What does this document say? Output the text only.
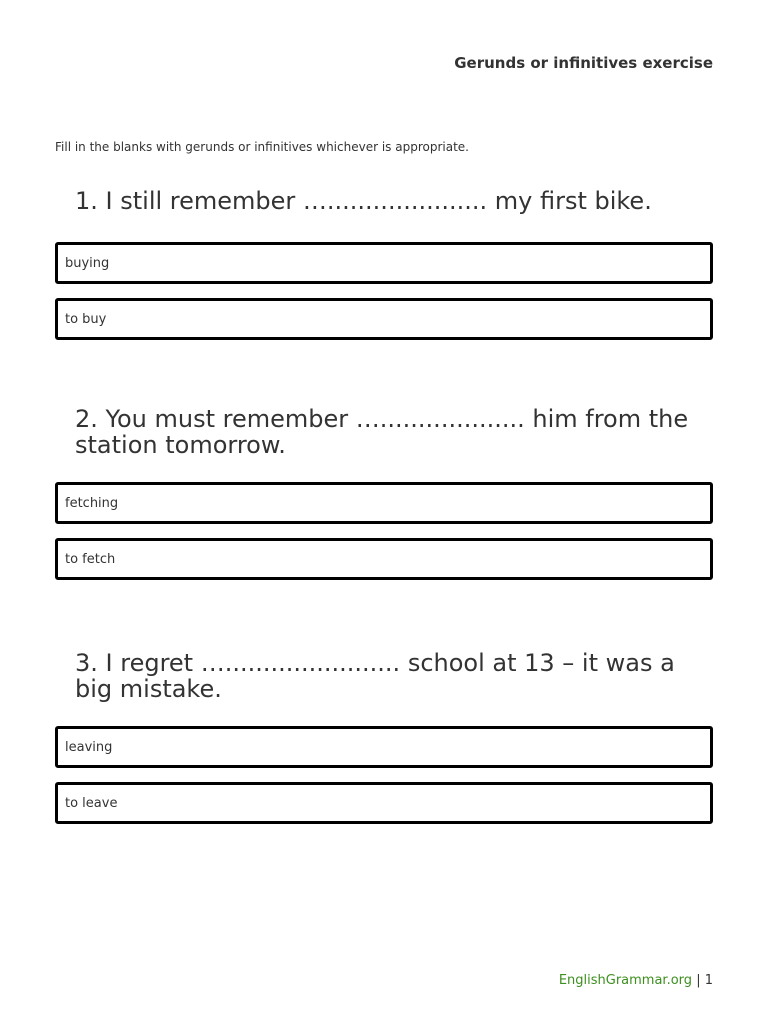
Gerunds or infinitives exercise
Fill in the blanks with gerunds or infinitives whichever is appropriate.
1. I still remember …..................... my first bike.
buying
to buy
2. You must remember …................... him from the station tomorrow.
fetching
to fetch
3. I regret …....................... school at 13 – it was a big mistake.
leaving
to leave
EnglishGrammar.org | 1
